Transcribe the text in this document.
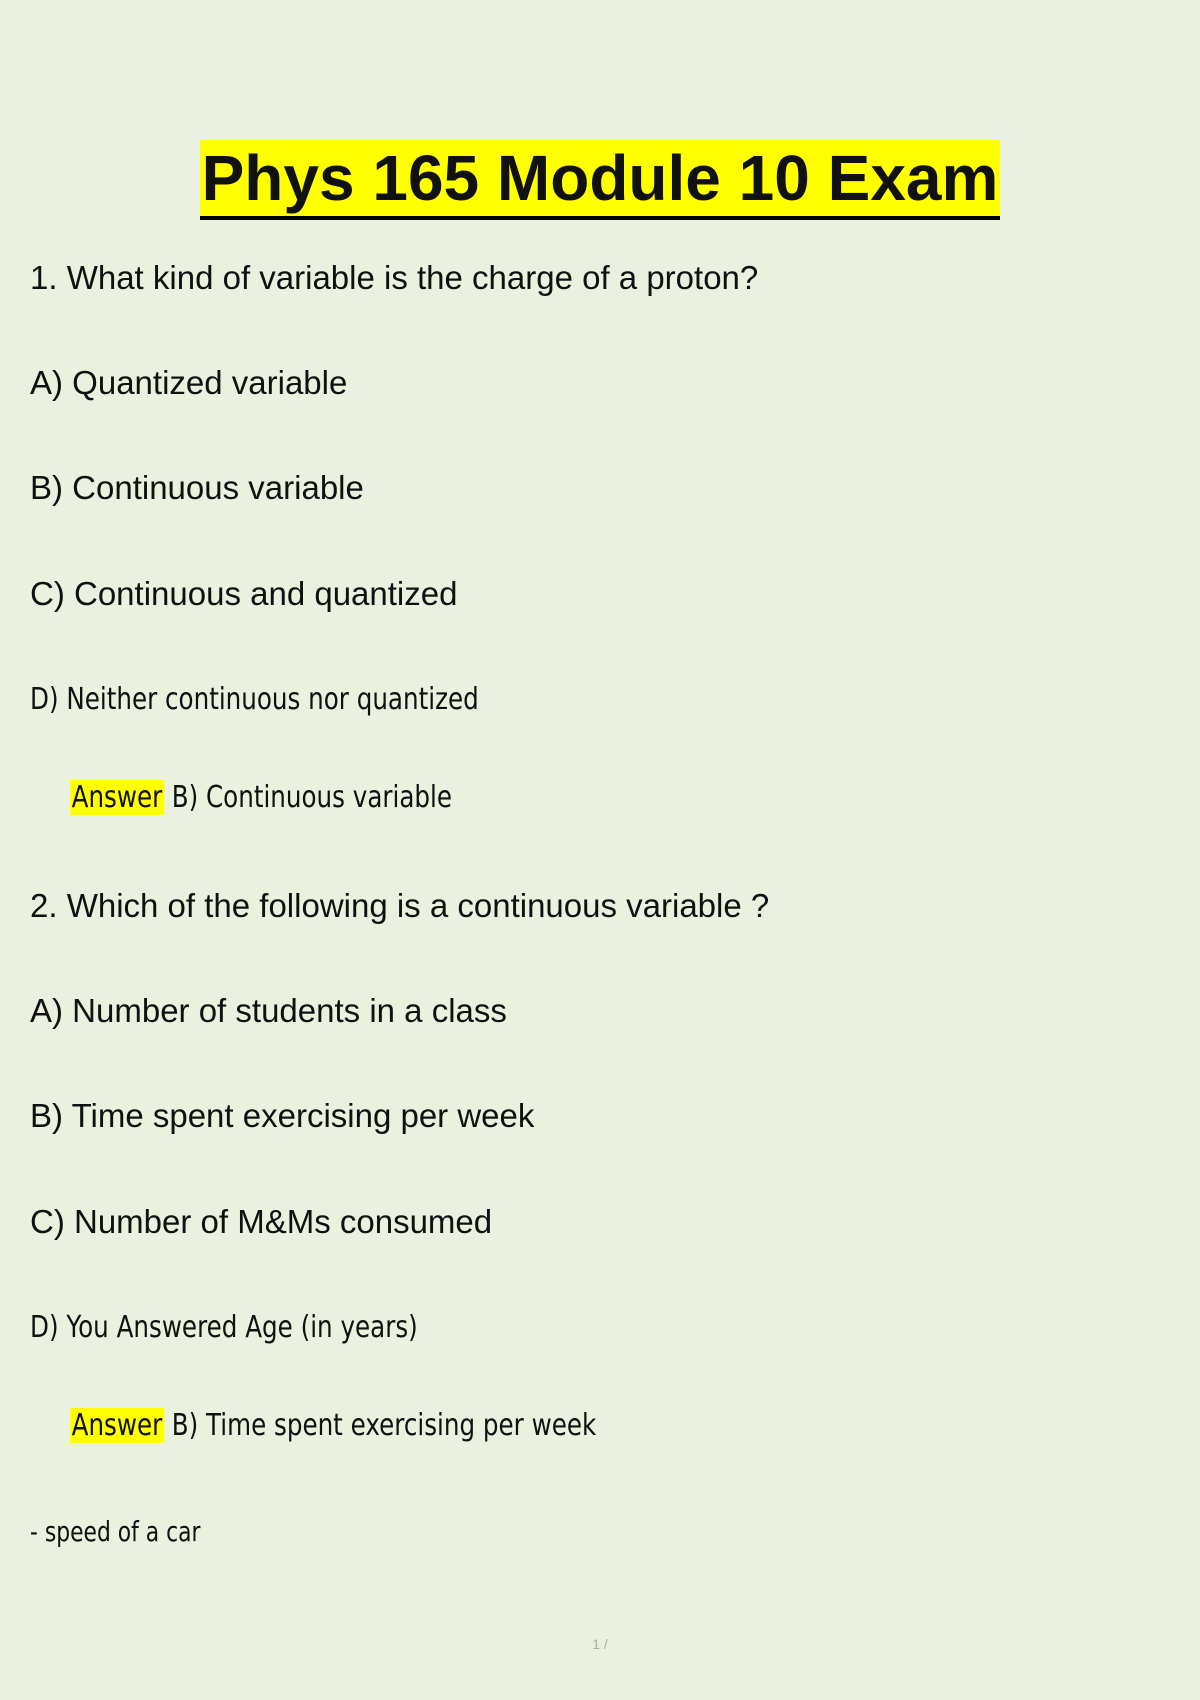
Phys 165 Module 10 Exam
1. What kind of variable is the charge of a proton?
A) Quantized variable
B) Continuous variable
C) Continuous and quantized
D) Neither continuous nor quantized
Answer B) Continuous variable
2. Which of the following is a continuous variable ?
A) Number of students in a class
B) Time spent exercising per week
C) Number of M&Ms consumed
D) You Answered Age (in years)
Answer B) Time spent exercising per week
- speed of a car
1 /
